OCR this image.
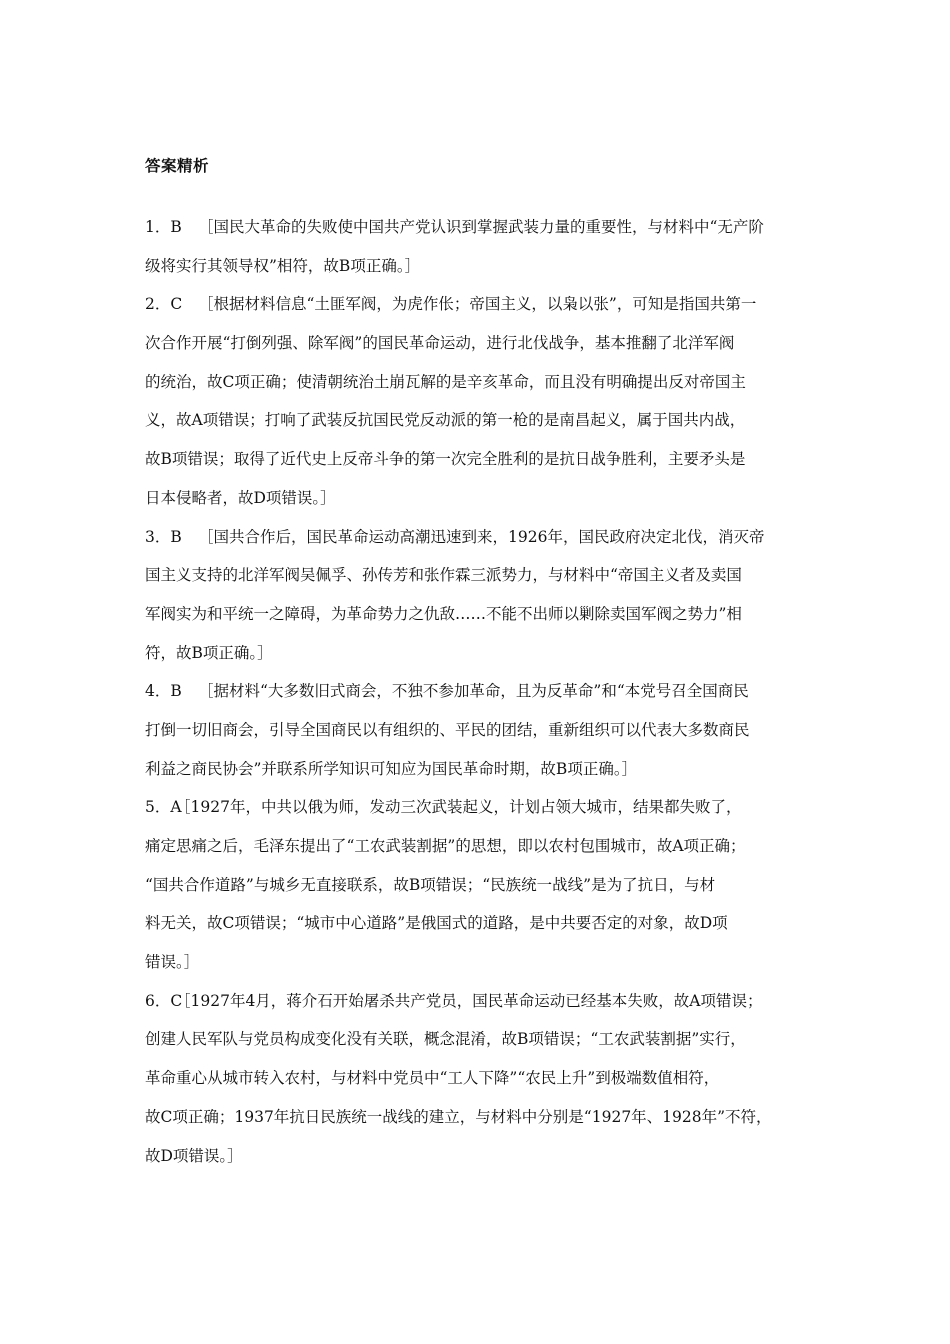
答案精析
1．B ［国民大革命的失败使中国共产党认识到掌握武装力量的重要性，与材料中“无产阶
级将实行其领导权”相符，故B项正确。］
2．C ［根据材料信息“土匪军阀，为虎作伥；帝国主义，以枭以张”，可知是指国共第一
次合作开展“打倒列强、除军阀”的国民革命运动，进行北伐战争，基本推翻了北洋军阀
的统治，故C项正确；使清朝统治土崩瓦解的是辛亥革命，而且没有明确提出反对帝国主
义，故A项错误；打响了武装反抗国民党反动派的第一枪的是南昌起义，属于国共内战，
故B项错误；取得了近代史上反帝斗争的第一次完全胜利的是抗日战争胜利，主要矛头是
日本侵略者，故D项错误。］
3．B ［国共合作后，国民革命运动高潮迅速到来，1926年，国民政府决定北伐，消灭帝
国主义支持的北洋军阀吴佩孚、孙传芳和张作霖三派势力，与材料中“帝国主义者及卖国
军阀实为和平统一之障碍，为革命势力之仇敌……不能不出师以剿除卖国军阀之势力”相
符，故B项正确。］
4．B ［据材料“大多数旧式商会，不独不参加革命，且为反革命”和“本党号召全国商民
打倒一切旧商会，引导全国商民以有组织的、平民的团结，重新组织可以代表大多数商民
利益之商民协会”并联系所学知识可知应为国民革命时期，故B项正确。］
5．A［1927年，中共以俄为师，发动三次武装起义，计划占领大城市，结果都失败了，
痛定思痛之后，毛泽东提出了“工农武装割据”的思想，即以农村包围城市，故A项正确；
“国共合作道路”与城乡无直接联系，故B项错误；“民族统一战线”是为了抗日，与材
料无关，故C项错误；“城市中心道路”是俄国式的道路，是中共要否定的对象，故D项
错误。］
6．C［1927年4月，蒋介石开始屠杀共产党员，国民革命运动已经基本失败，故A项错误；
创建人民军队与党员构成变化没有关联，概念混淆，故B项错误；“工农武装割据”实行，
革命重心从城市转入农村，与材料中党员中“工人下降”“农民上升”到极端数值相符，
故C项正确；1937年抗日民族统一战线的建立，与材料中分别是“1927年、1928年”不符，
故D项错误。］
